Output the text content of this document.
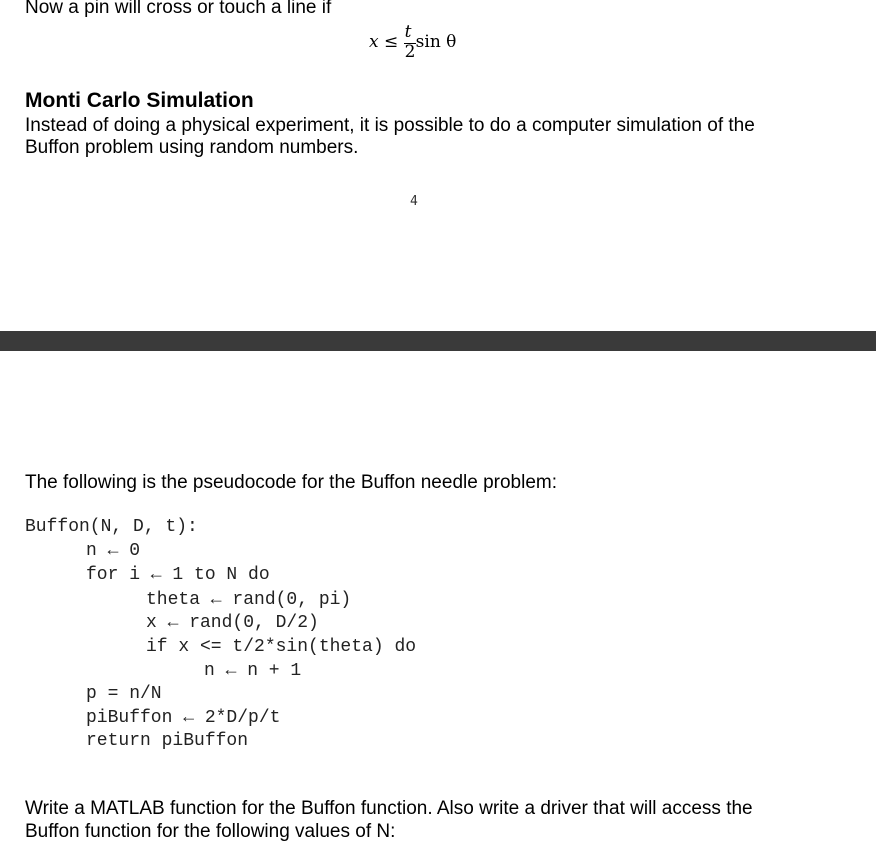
Now a pin will cross or touch a line if
$x \le \frac{t}{2}$ sin θ
Monti Carlo Simulation
Instead of doing a physical experiment, it is possible to do a computer simulation of the
Buffon problem using random numbers.
4
The following is the pseudocode for the Buffon needle problem:
Buffon(N, D, t):
n ← 0
for i ← 1 to N do
theta ← rand(0, pi)
x ← rand(0, D/2)
if x <= t/2*sin(theta) do
n ← n + 1
p = n/N
piBuffon ← 2*D/p/t
return piBuffon
Write a MATLAB function for the Buffon function. Also write a driver that will access the
Buffon function for the following values of N:
